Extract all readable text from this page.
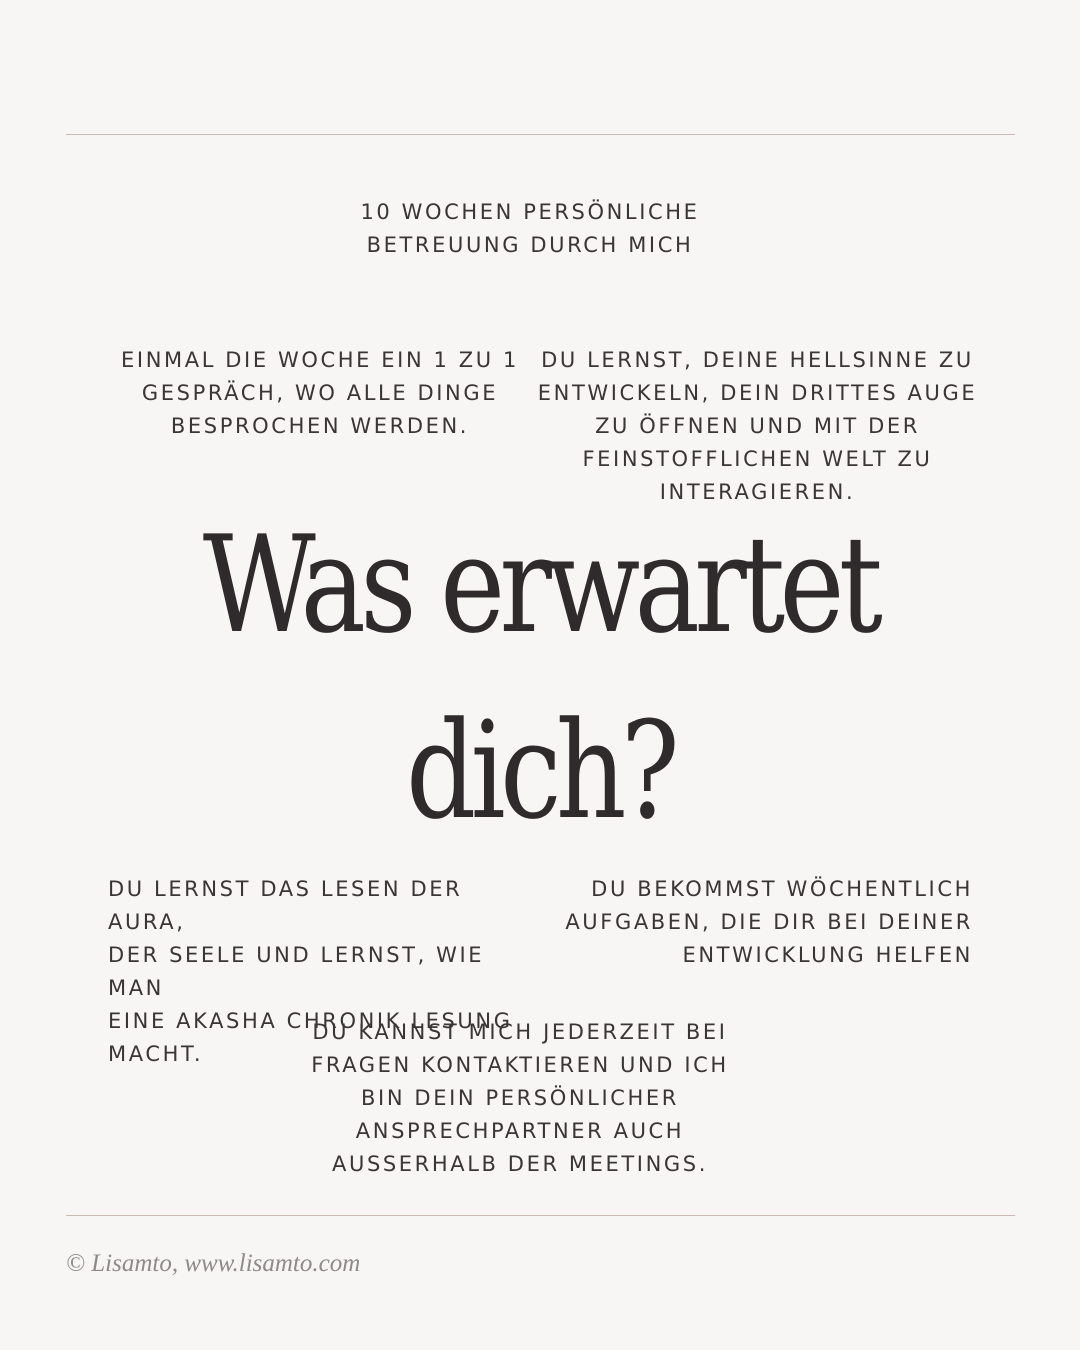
10 WOCHEN PERSÖNLICHE
BETREUUNG DURCH MICH

EINMAL DIE WOCHE EIN 1 ZU 1
GESPRÄCH, WO ALLE DINGE
BESPROCHEN WERDEN.

DU LERNST, DEINE HELLSINNE ZU
ENTWICKELN, DEIN DRITTES AUGE
ZU ÖFFNEN UND MIT DER
FEINSTOFFLICHEN WELT ZU
INTERAGIEREN.

Was erwartet
dich?

DU LERNST DAS LESEN DER AURA,
DER SEELE UND LERNST, WIE MAN
EINE AKASHA CHRONIK LESUNG
MACHT.

DU BEKOMMST WÖCHENTLICH
AUFGABEN, DIE DIR BEI DEINER
ENTWICKLUNG HELFEN

DU KANNST MICH JEDERZEIT BEI
FRAGEN KONTAKTIEREN UND ICH
BIN DEIN PERSÖNLICHER
ANSPRECHPARTNER AUCH
AUSSERHALB DER MEETINGS.

© Lisamto, www.lisamto.com
